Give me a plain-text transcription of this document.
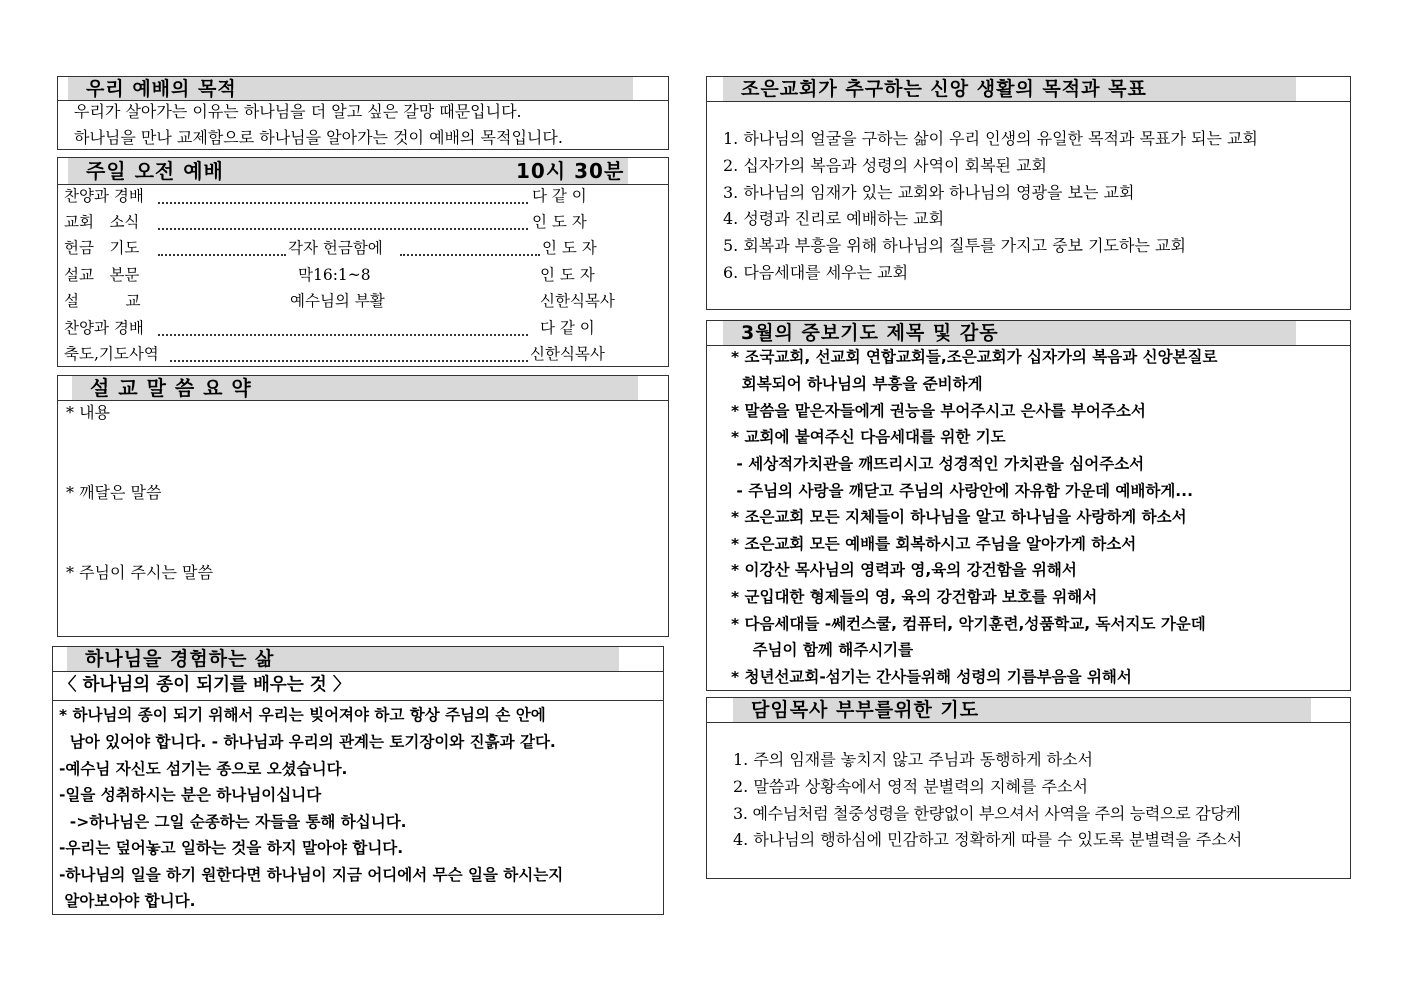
우리 예배의 목적
우리가 살아가는 이유는 하나님을 더 알고 싶은 갈망 때문입니다.
하나님을 만나 교제함으로 하나님을 알아가는 것이 예배의 목적입니다.
주일 오전 예배	10시 30분
찬양과 경배	다 같 이
교회　소식	인 도 자
헌금　기도	각자 헌금함에	인 도 자
설교　본문	막16:1~8	인 도 자
설　　　교	예수님의 부활	신한식목사
찬양과 경배	다 같 이
축도,기도사역	신한식목사
설 교 말 씀 요 약
* 내용
* 깨달은 말씀
* 주님이 주시는 말씀
하나님을 경험하는 삶
〈 하나님의 종이 되기를 배우는 것 〉
* 하나님의 종이 되기 위해서 우리는 빚어져야 하고 항상 주님의 손 안에
남아 있어야 합니다. - 하나님과 우리의 관계는 토기장이와 진흙과 같다.
-예수님 자신도 섬기는 종으로 오셨습니다.
-일을 성취하시는 분은 하나님이십니다
->하나님은 그일 순종하는 자들을 통해 하십니다.
-우리는 덮어놓고 일하는 것을 하지 말아야 합니다.
-하나님의 일을 하기 원한다면 하나님이 지금 어디에서 무슨 일을 하시는지
알아보아야 합니다.
조은교회가 추구하는 신앙 생활의 목적과 목표
1. 하나님의 얼굴을 구하는 삶이 우리 인생의 유일한 목적과 목표가 되는 교회
2. 십자가의 복음과 성령의 사역이 회복된 교회
3. 하나님의 임재가 있는 교회와 하나님의 영광을 보는 교회
4. 성령과 진리로 예배하는 교회
5. 회복과 부흥을 위해 하나님의 질투를 가지고 중보 기도하는 교회
6. 다음세대를 세우는 교회
3월의 중보기도 제목 및 감동
* 조국교회, 선교회 연합교회들,조은교회가 십자가의 복음과 신앙본질로
회복되어 하나님의 부흥을 준비하게
* 말씀을 맡은자들에게 권능을 부어주시고 은사를 부어주소서
* 교회에 붙여주신 다음세대를 위한 기도
- 세상적가치관을 깨뜨리시고 성경적인 가치관을 심어주소서
- 주님의 사랑을 깨닫고 주님의 사랑안에 자유함 가운데 예배하게...
* 조은교회 모든 지체들이 하나님을 알고 하나님을 사랑하게 하소서
* 조은교회 모든 예배를 회복하시고 주님을 알아가게 하소서
* 이강산 목사님의 영력과 영,육의 강건함을 위해서
* 군입대한 형제들의 영, 육의 강건함과 보호를 위해서
* 다음세대들 -쎄컨스쿨, 컴퓨터, 악기훈련,성품학교, 독서지도 가운데
주님이 함께 해주시기를
* 청년선교회-섬기는 간사들위해 성령의 기름부음을 위해서
담임목사 부부를위한 기도
1. 주의 임재를 놓치지 않고 주님과 동행하게 하소서
2. 말씀과 상황속에서 영적 분별력의 지혜를 주소서
3. 예수님처럼 철중성령을 한량없이 부으셔서 사역을 주의 능력으로 감당케
4. 하나님의 행하심에 민감하고 정확하게 따를 수 있도록 분별력을 주소서
